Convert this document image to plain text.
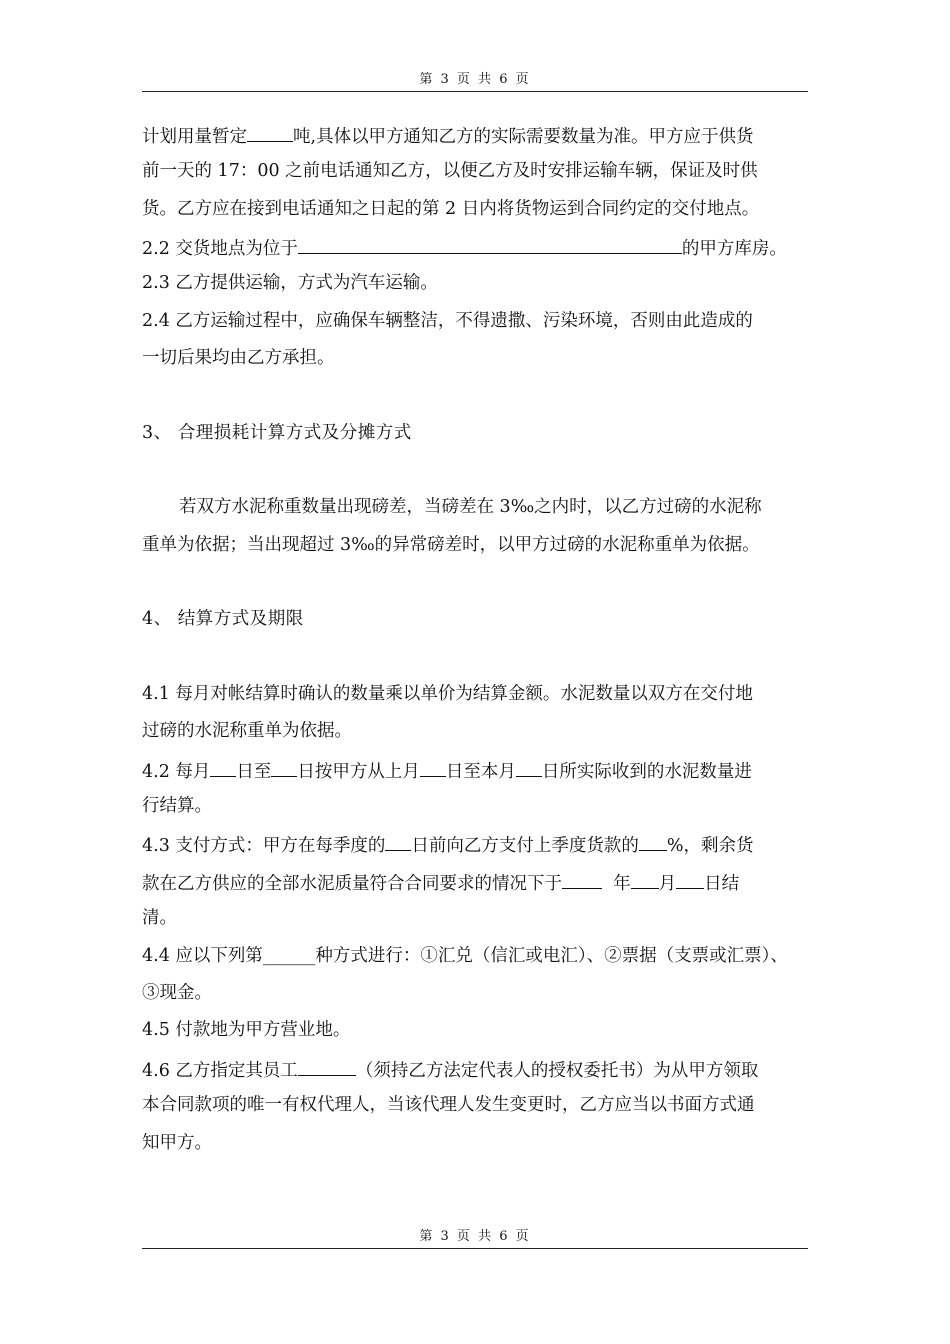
第 3 页 共 6 页
计划用量暂定	吨,具体以甲方通知乙方的实际需要数量为准。甲方应于供货
前一天的 17：00 之前电话通知乙方，以便乙方及时安排运输车辆，保证及时供
货。乙方应在接到电话通知之日起的第 2 日内将货物运到合同约定的交付地点。
2.2 交货地点为位于	的甲方库房。
2.3 乙方提供运输，方式为汽车运输。
2.4 乙方运输过程中，应确保车辆整洁，不得遗撒、污染环境，否则由此造成的
一切后果均由乙方承担。
3、 合理损耗计算方式及分摊方式
若双方水泥称重数量出现磅差，当磅差在 3‰之内时，以乙方过磅的水泥称
重单为依据；当出现超过 3‰的异常磅差时，以甲方过磅的水泥称重单为依据。
4、 结算方式及期限
4.1 每月对帐结算时确认的数量乘以单价为结算金额。水泥数量以双方在交付地
过磅的水泥称重单为依据。
4.2 每月 日至 日按甲方从上月 日至本月 日所实际收到的水泥数量进
行结算。
4.3 支付方式：甲方在每季度的 日前向乙方支付上季度货款的 %，剩余货
款在乙方供应的全部水泥质量符合合同要求的情况下于	年 月 日结
清。
4.4 应以下列第______种方式进行：①汇兑（信汇或电汇）、②票据（支票或汇票）、
③现金。
4.5 付款地为甲方营业地。
4.6 乙方指定其员工	（须持乙方法定代表人的授权委托书）为从甲方领取
本合同款项的唯一有权代理人，当该代理人发生变更时，乙方应当以书面方式通
知甲方。
第 3 页 共 6 页
